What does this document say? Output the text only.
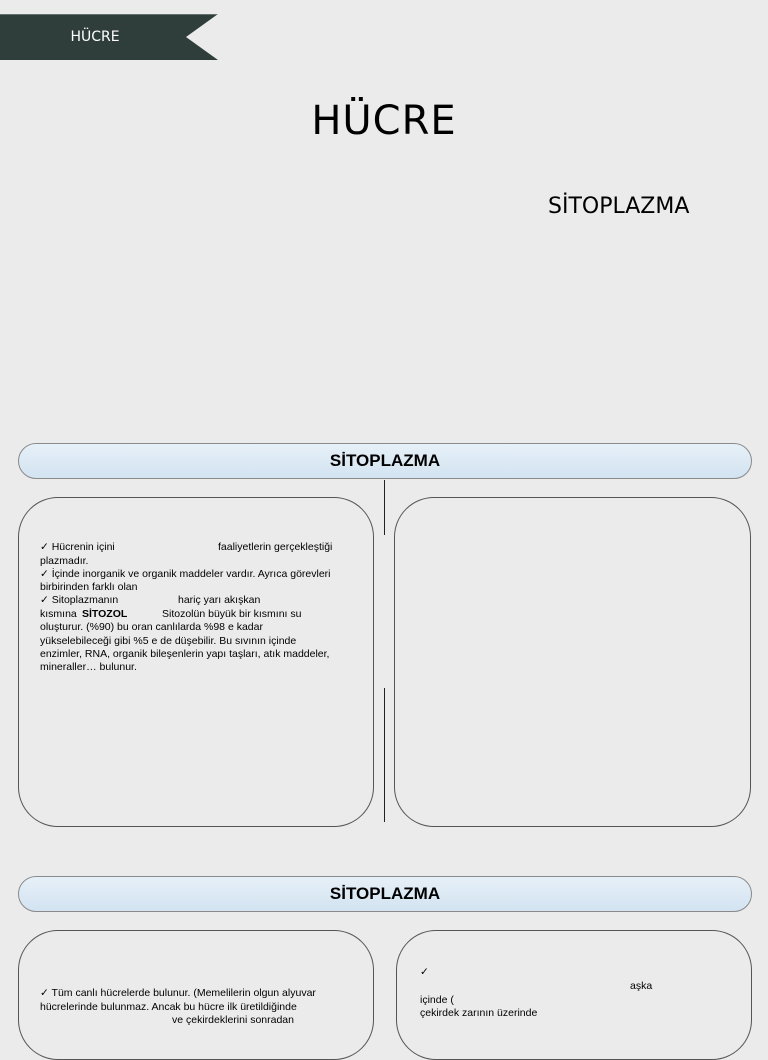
HÜCRE
HÜCRE
SİTOPLAZMA
SİTOPLAZMA
✓ Hücrenin içini	faaliyetlerin gerçekleştiği
plazmadır.
✓ İçinde inorganik ve organik maddeler vardır. Ayrıca görevleri
birbirinden farklı olan
✓ Sitoplazmanın	hariç yarı akışkan
kısmına SİTOZOL	Sitozolün büyük bir kısmını su
oluşturur. (%90) bu oran canlılarda %98 e kadar
yükselebileceği gibi %5 e de düşebilir. Bu sıvının içinde
enzimler, RNA, organik bileşenlerin yapı taşları, atık maddeler,
mineraller… bulunur.
SİTOPLAZMA
✓ Tüm canlı hücrelerde bulunur. (Memelilerin olgun alyuvar
hücrelerinde bulunmaz. Ancak bu hücre ilk üretildiğinde
ve çekirdeklerini sonradan
✓
aşka
içinde (
çekirdek zarının üzerinde
